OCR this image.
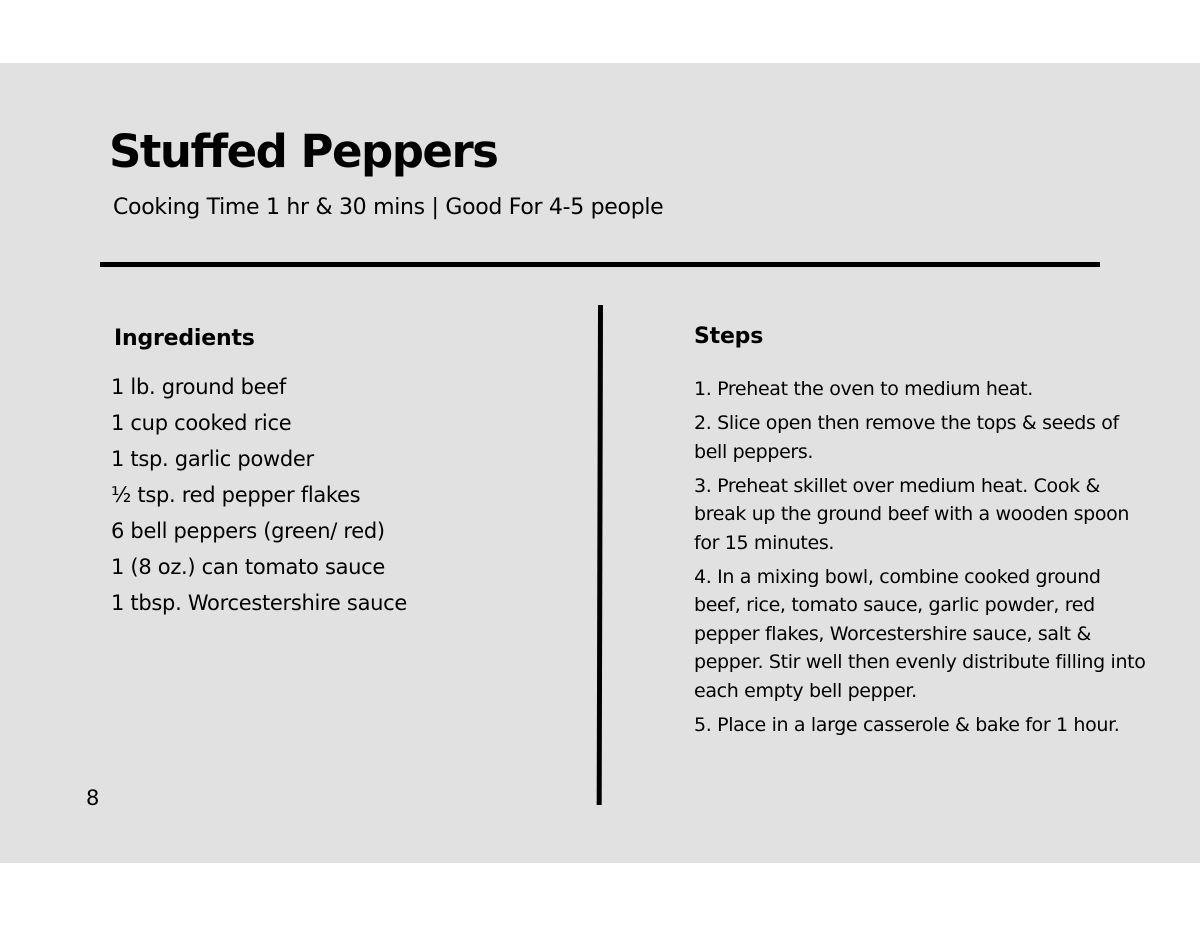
Stuffed Peppers
Cooking Time 1 hr & 30 mins | Good For 4-5 people
Ingredients
1 lb. ground beef
1 cup cooked rice
1 tsp. garlic powder
½ tsp. red pepper flakes
6 bell peppers (green/ red)
1 (8 oz.) can tomato sauce
1 tbsp. Worcestershire sauce
Steps
1. Preheat the oven to medium heat.
2. Slice open then remove the tops & seeds of bell peppers.
3. Preheat skillet over medium heat. Cook & break up the ground beef with a wooden spoon for 15 minutes.
4. In a mixing bowl, combine cooked ground beef, rice, tomato sauce, garlic powder, red pepper flakes, Worcestershire sauce, salt & pepper. Stir well then evenly distribute filling into each empty bell pepper.
5. Place in a large casserole & bake for 1 hour.
8
